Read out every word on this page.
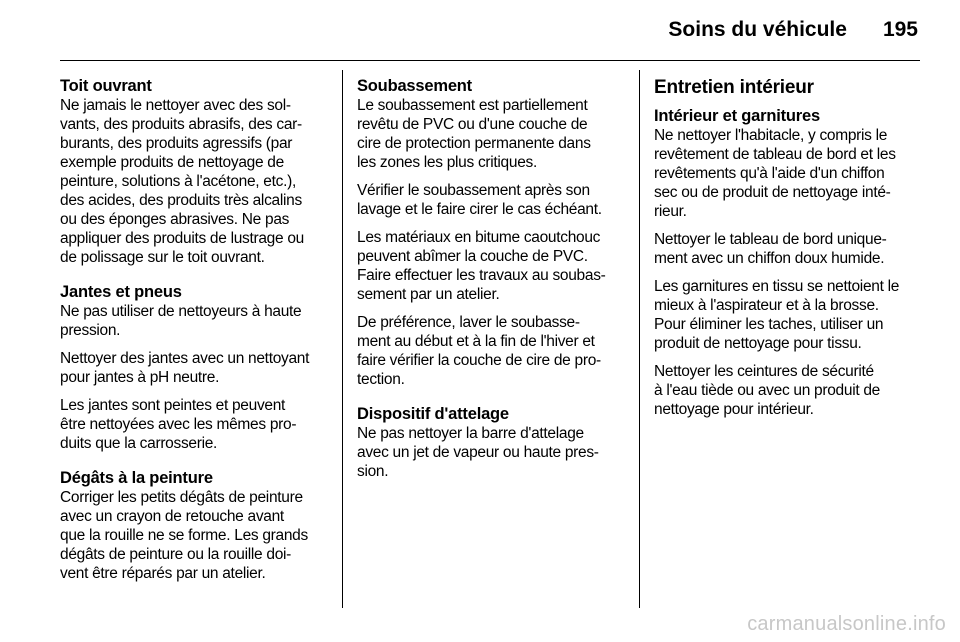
Soins du véhicule 195
Toit ouvrant

Ne jamais le nettoyer avec des sol-
vants, des produits abrasifs, des car-
burants, des produits agressifs (par
exemple produits de nettoyage de
peinture, solutions à l'acétone, etc.),
des acides, des produits très alcalins
ou des éponges abrasives. Ne pas
appliquer des produits de lustrage ou
de polissage sur le toit ouvrant.

Jantes et pneus

Ne pas utiliser de nettoyeurs à haute
pression.

Nettoyer des jantes avec un nettoyant
pour jantes à pH neutre.

Les jantes sont peintes et peuvent
être nettoyées avec les mêmes pro-
duits que la carrosserie.

Dégâts à la peinture

Corriger les petits dégâts de peinture
avec un crayon de retouche avant
que la rouille ne se forme. Les grands
dégâts de peinture ou la rouille doi-
vent être réparés par un atelier.

Soubassement

Le soubassement est partiellement
revêtu de PVC ou d'une couche de
cire de protection permanente dans
les zones les plus critiques.

Vérifier le soubassement après son
lavage et le faire cirer le cas échéant.

Les matériaux en bitume caoutchouc
peuvent abîmer la couche de PVC.
Faire effectuer les travaux au soubas-
sement par un atelier.

De préférence, laver le soubasse-
ment au début et à la fin de l'hiver et
faire vérifier la couche de cire de pro-
tection.

Dispositif d'attelage

Ne pas nettoyer la barre d'attelage
avec un jet de vapeur ou haute pres-
sion.

Entretien intérieur
Intérieur et garnitures

Ne nettoyer l'habitacle, y compris le
revêtement de tableau de bord et les
revêtements qu'à l'aide d'un chiffon
sec ou de produit de nettoyage inté-
rieur.

Nettoyer le tableau de bord unique-
ment avec un chiffon doux humide.

Les garnitures en tissu se nettoient le
mieux à l'aspirateur et à la brosse.
Pour éliminer les taches, utiliser un
produit de nettoyage pour tissu.

Nettoyer les ceintures de sécurité
à l'eau tiède ou avec un produit de
nettoyage pour intérieur.

carmanualsonline.info
